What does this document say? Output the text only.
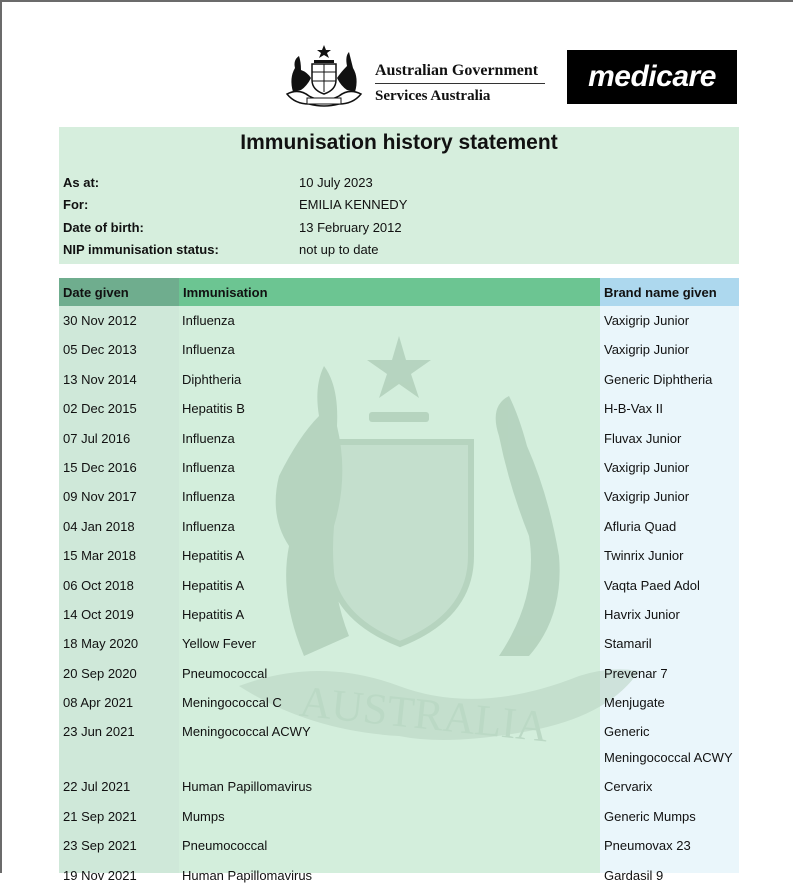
Australian Government
Services Australia
medicare
Immunisation history statement
As at:	10 July 2023
For:	EMILIA KENNEDY
Date of birth:	13 February 2012
NIP immunisation status:	not up to date
AUSTRALIA
Date given	Immunisation	Brand name given
30 Nov 2012	Influenza	Vaxigrip Junior
05 Dec 2013	Influenza	Vaxigrip Junior
13 Nov 2014	Diphtheria	Generic Diphtheria
02 Dec 2015	Hepatitis B	H-B-Vax II
07 Jul 2016	Influenza	Fluvax Junior
15 Dec 2016	Influenza	Vaxigrip Junior
09 Nov 2017	Influenza	Vaxigrip Junior
04 Jan 2018	Influenza	Afluria Quad
15 Mar 2018	Hepatitis A	Twinrix Junior
06 Oct 2018	Hepatitis A	Vaqta Paed Adol
14 Oct 2019	Hepatitis A	Havrix Junior
18 May 2020	Yellow Fever	Stamaril
20 Sep 2020	Pneumococcal	Prevenar 7
08 Apr 2021	Meningococcal C	Menjugate
23 Jun 2021	Meningococcal ACWY	Generic
Meningococcal ACWY
22 Jul 2021	Human Papillomavirus	Cervarix
21 Sep 2021	Mumps	Generic Mumps
23 Sep 2021	Pneumococcal	Pneumovax 23
19 Nov 2021	Human Papillomavirus	Gardasil 9
